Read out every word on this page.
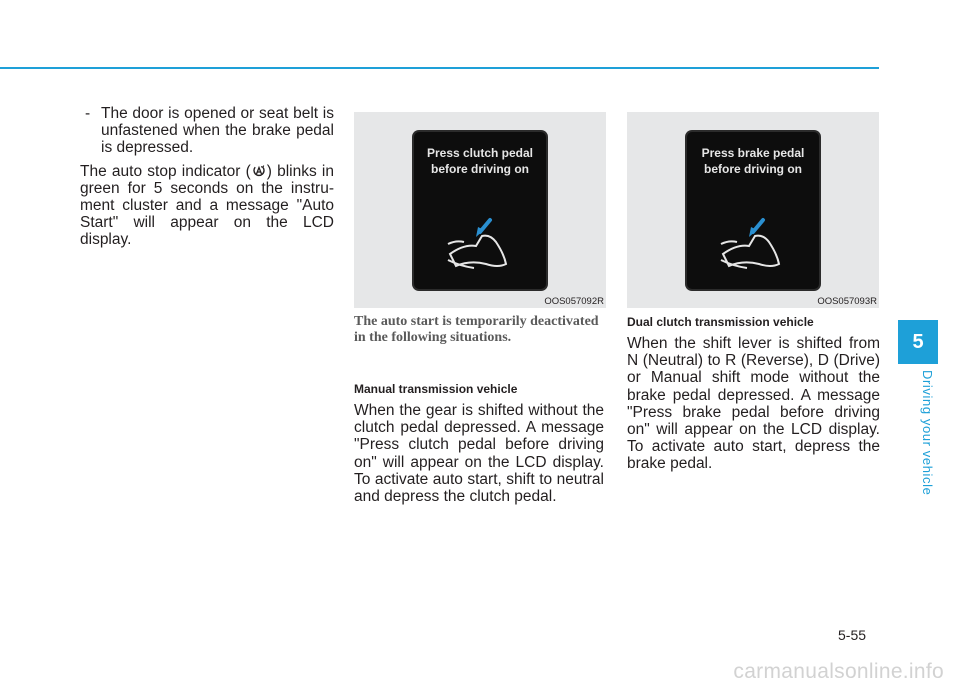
- The door is opened or seat belt is unfastened when the brake pedal is depressed.

The auto stop indicator ( ) blinks in green for 5 seconds on the instrument cluster and a message "Auto Start" will appear on the LCD display.

Press clutch pedal before driving on
OOS057092R
Press brake pedal before driving on
OOS057093R
The auto start is temporarily deactivated in the following situations.
Manual transmission vehicle

When the gear is shifted without the clutch pedal depressed. A message "Press clutch pedal before driving on" will appear on the LCD display. To activate auto start, shift to neutral and depress the clutch pedal.

Dual clutch transmission vehicle

When the shift lever is shifted from N (Neutral) to R (Reverse), D (Drive) or Manual shift mode without the brake pedal depressed. A message "Press brake pedal before driving on" will appear on the LCD display. To activate auto start, depress the brake pedal.

5
Driving your vehicle
5-55
carmanualsonline.info
